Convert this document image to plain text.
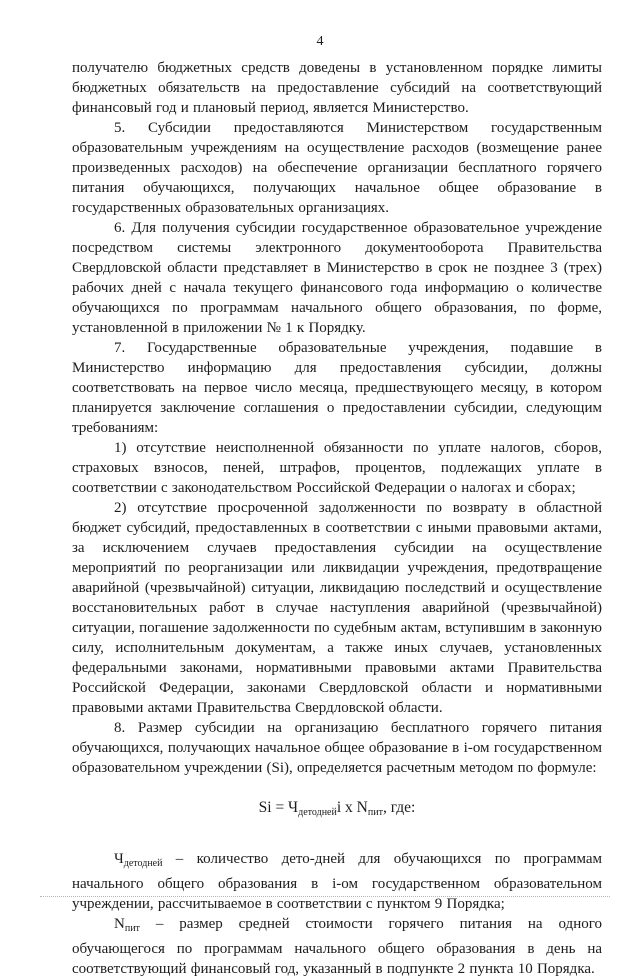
4

получателю бюджетных средств доведены в установленном порядке лимиты бюджетных обязательств на предоставление субсидий на соответствующий финансовый год и плановый период, является Министерство.

5. Субсидии предоставляются Министерством государственным образовательным учреждениям на осуществление расходов (возмещение ранее произведенных расходов) на обеспечение организации бесплатного горячего питания обучающихся, получающих начальное общее образование в государственных образовательных организациях.

6. Для получения субсидии государственное образовательное учреждение посредством системы электронного документооборота Правительства Свердловской области представляет в Министерство в срок не позднее 3 (трех) рабочих дней с начала текущего финансового года информацию о количестве обучающихся по программам начального общего образования, по форме, установленной в приложении № 1 к Порядку.

7. Государственные образовательные учреждения, подавшие в Министерство информацию для предоставления субсидии, должны соответствовать на первое число месяца, предшествующего месяцу, в котором планируется заключение соглашения о предоставлении субсидии, следующим требованиям:

1) отсутствие неисполненной обязанности по уплате налогов, сборов, страховых взносов, пеней, штрафов, процентов, подлежащих уплате в соответствии с законодательством Российской Федерации о налогах и сборах;

2) отсутствие просроченной задолженности по возврату в областной бюджет субсидий, предоставленных в соответствии с иными правовыми актами, за исключением случаев предоставления субсидии на осуществление мероприятий по реорганизации или ликвидации учреждения, предотвращение аварийной (чрезвычайной) ситуации, ликвидацию последствий и осуществление восстановительных работ в случае наступления аварийной (чрезвычайной) ситуации, погашение задолженности по судебным актам, вступившим в законную силу, исполнительным документам, а также иных случаев, установленных федеральными законами, нормативными правовыми актами Правительства Российской Федерации, законами Свердловской области и нормативными правовыми актами Правительства Свердловской области.

8. Размер субсидии на организацию бесплатного горячего питания обучающихся, получающих начальное общее образование в i-ом государственном образовательном учреждении (Si), определяется расчетным методом по формуле:

$Si = Ч_{детодней}i$ x $N_{пит}$, где:

$Ч_{детодней}$ – количество дето-дней для обучающихся по программам начального общего образования в i-ом государственном образовательном учреждении, рассчитываемое в соответствии с пунктом 9 Порядка;

$N_{пит}$ – размер средней стоимости горячего питания на одного обучающегося по программам начального общего образования в день на соответствующий финансовый год, указанный в подпункте 2 пункта 10 Порядка.
